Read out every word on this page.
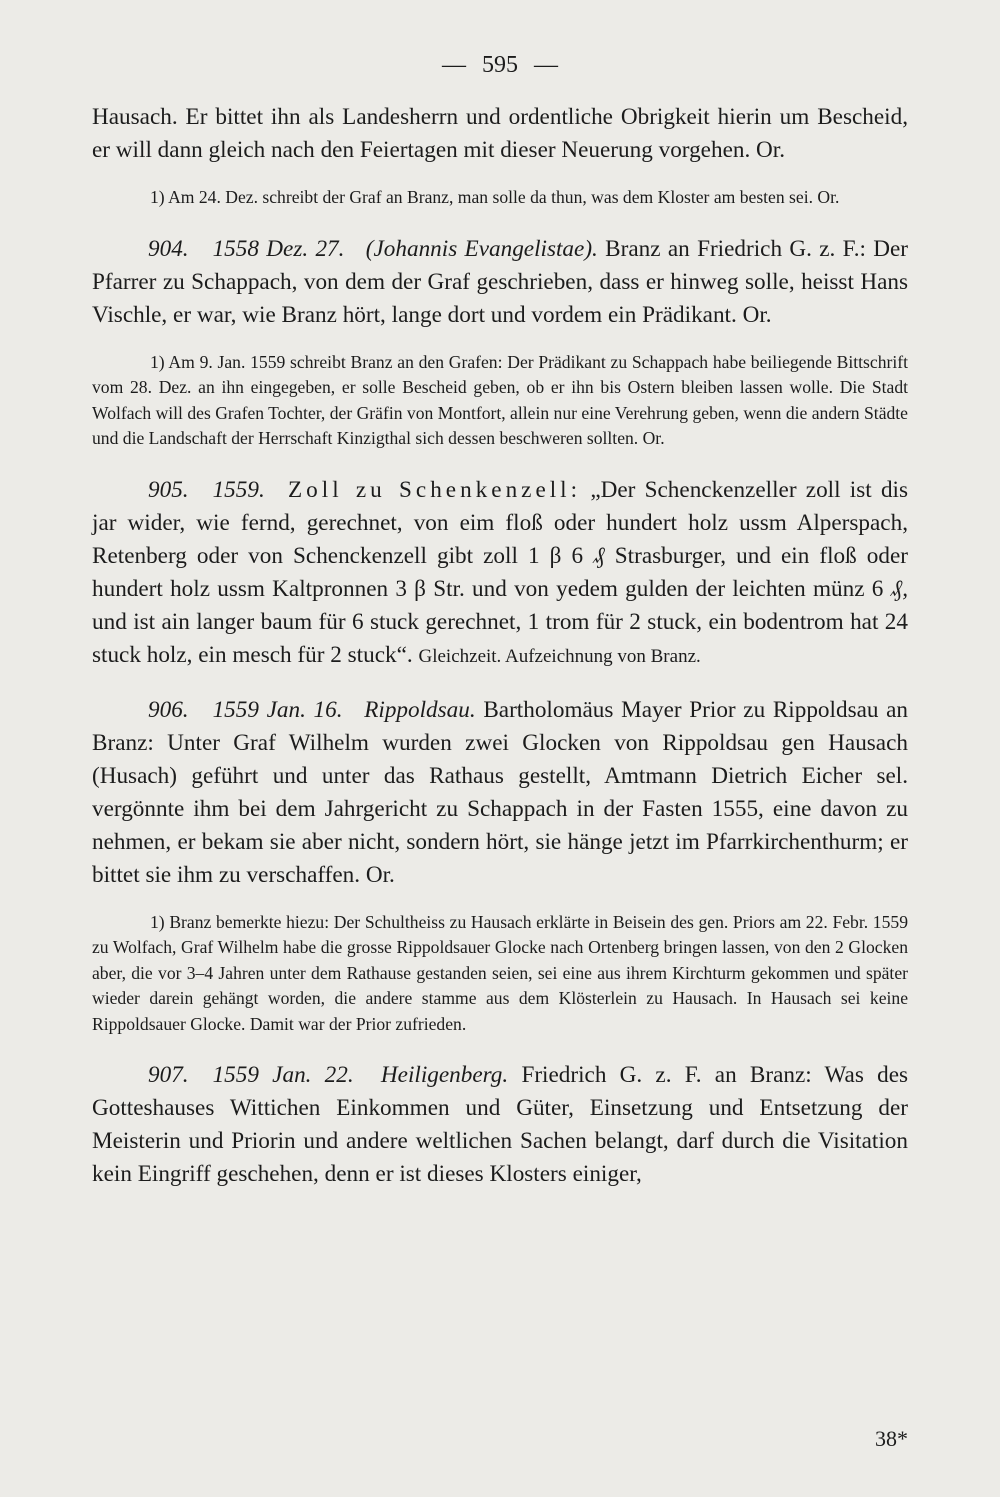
— 595 —

Hausach. Er bittet ihn als Landesherrn und ordentliche Obrigkeit hierin um Bescheid, er will dann gleich nach den Feiertagen mit dieser Neuerung vorgehen. Or.

1) Am 24. Dez. schreibt der Graf an Branz, man solle da thun, was dem Kloster am besten sei. Or.

904. 1558 Dez. 27. (Johannis Evangelistae). Branz an Friedrich G. z. F.: Der Pfarrer zu Schappach, von dem der Graf geschrieben, dass er hinweg solle, heisst Hans Vischle, er war, wie Branz hört, lange dort und vordem ein Prädikant. Or.

1) Am 9. Jan. 1559 schreibt Branz an den Grafen: Der Prädikant zu Schappach habe beiliegende Bittschrift vom 28. Dez. an ihn eingegeben, er solle Bescheid geben, ob er ihn bis Ostern bleiben lassen wolle. Die Stadt Wolfach will des Grafen Tochter, der Gräfin von Montfort, allein nur eine Verehrung geben, wenn die andern Städte und die Landschaft der Herrschaft Kinzigthal sich dessen beschweren sollten. Or.

905. 1559. Zoll zu Schenkenzell: „Der Schenckenzeller zoll ist dis jar wider, wie fernd, gerechnet, von eim floß oder hundert holz ussm Alperspach, Retenberg oder von Schenckenzell gibt zoll 1 β 6 ₰ Strasburger, und ein floß oder hundert holz ussm Kaltpronnen 3 β Str. und von yedem gulden der leichten münz 6 ₰, und ist ain langer baum für 6 stuck gerechnet, 1 trom für 2 stuck, ein bodentrom hat 24 stuck holz, ein mesch für 2 stuck“. Gleichzeit. Aufzeichnung von Branz.

906. 1559 Jan. 16. Rippoldsau. Bartholomäus Mayer Prior zu Rippoldsau an Branz: Unter Graf Wilhelm wurden zwei Glocken von Rippoldsau gen Hausach (Husach) geführt und unter das Rathaus gestellt, Amtmann Dietrich Eicher sel. vergönnte ihm bei dem Jahrgericht zu Schappach in der Fasten 1555, eine davon zu nehmen, er bekam sie aber nicht, sondern hört, sie hänge jetzt im Pfarrkirchenthurm; er bittet sie ihm zu verschaffen. Or.

1) Branz bemerkte hiezu: Der Schultheiss zu Hausach erklärte in Beisein des gen. Priors am 22. Febr. 1559 zu Wolfach, Graf Wilhelm habe die grosse Rippoldsauer Glocke nach Ortenberg bringen lassen, von den 2 Glocken aber, die vor 3–4 Jahren unter dem Rathause gestanden seien, sei eine aus ihrem Kirchturm gekommen und später wieder darein gehängt worden, die andere stamme aus dem Klösterlein zu Hausach. In Hausach sei keine Rippoldsauer Glocke. Damit war der Prior zufrieden.

907. 1559 Jan. 22. Heiligenberg. Friedrich G. z. F. an Branz: Was des Gotteshauses Wittichen Einkommen und Güter, Einsetzung und Entsetzung der Meisterin und Priorin und andere weltlichen Sachen belangt, darf durch die Visitation kein Eingriff geschehen, denn er ist dieses Klosters einiger,

38*
